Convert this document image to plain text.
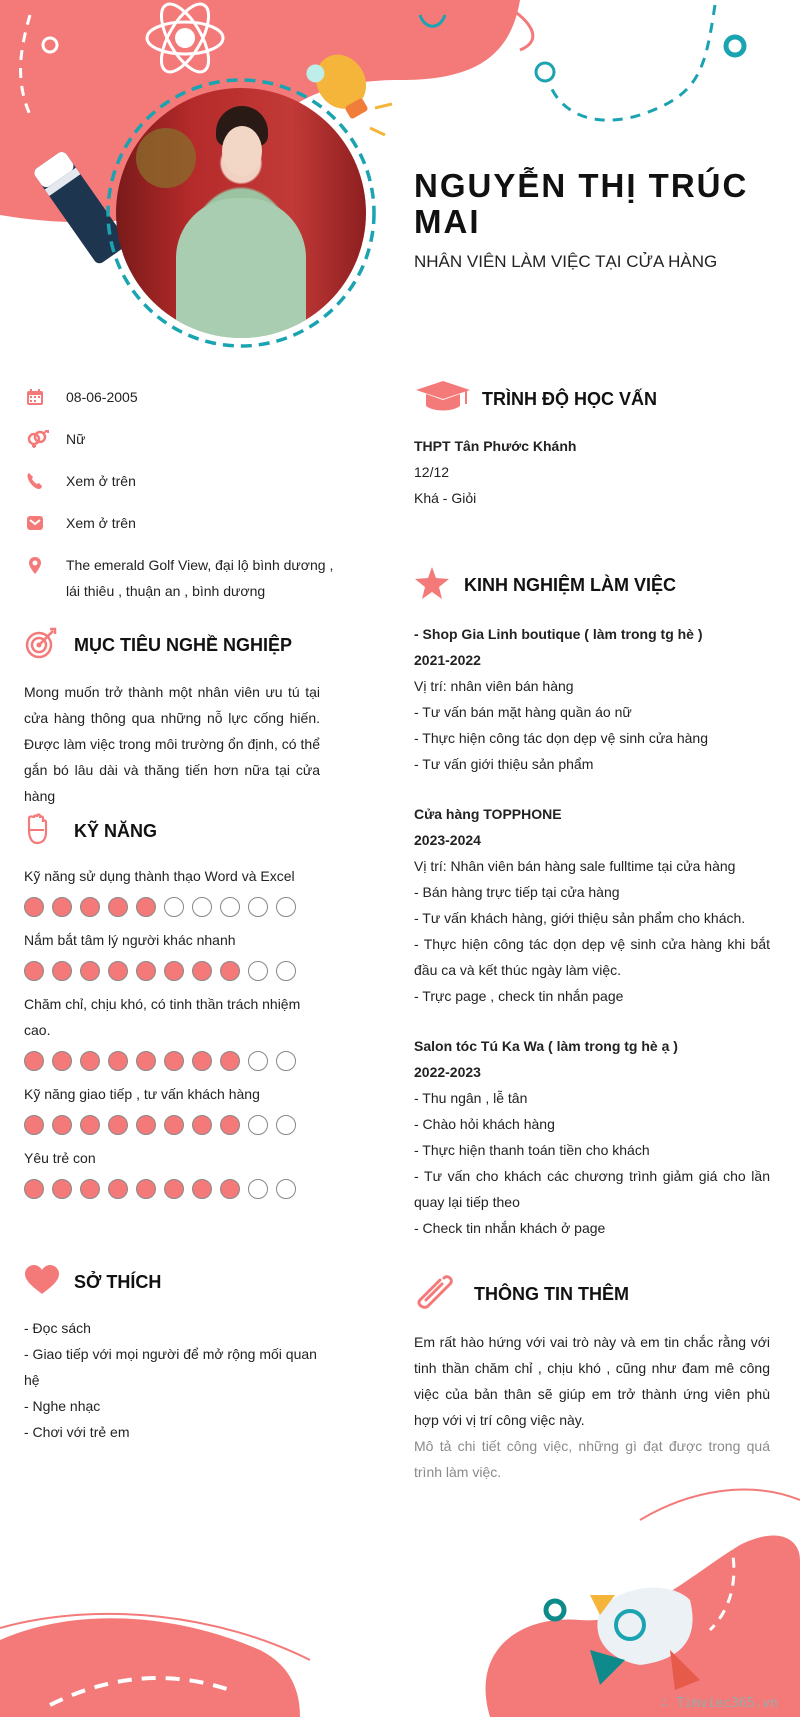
NGUYỄN THỊ TRÚC MAI
NHÂN VIÊN LÀM VIỆC TẠI CỬA HÀNG
08-06-2005
Nữ
Xem ở trên
Xem ở trên
The emerald Golf View, đại lộ bình dương , lái thiêu , thuận an , bình dương
MỤC TIÊU NGHỀ NGHIỆP
Mong muốn trở thành một nhân viên ưu tú tại cửa hàng thông qua những nỗ lực cống hiến. Được làm việc trong môi trường ổn định, có thể gắn bó lâu dài và thăng tiến hơn nữa tại cửa hàng
KỸ NĂNG
Kỹ năng sử dụng thành thạo Word và Excel
Nắm bắt tâm lý người khác nhanh
Chăm chỉ, chịu khó, có tinh thần trách nhiệm cao.
Kỹ năng giao tiếp , tư vấn khách hàng
Yêu trẻ con
SỞ THÍCH
- Đọc sách
- Giao tiếp với mọi người để mở rộng mối quan hệ
- Nghe nhạc
- Chơi với trẻ em
TRÌNH ĐỘ HỌC VẤN
THPT Tân Phước Khánh
12/12
Khá - Giỏi
KINH NGHIỆM LÀM VIỆC
- Shop Gia Linh boutique ( làm trong tg hè )
2021-2022
Vị trí: nhân viên bán hàng
- Tư vấn bán mặt hàng quần áo nữ
- Thực hiện công tác dọn dẹp vệ sinh cửa hàng
- Tư vấn giới thiệu sản phẩm
Cửa hàng TOPPHONE
2023-2024
Vị trí: Nhân viên bán hàng sale fulltime tại cửa hàng
- Bán hàng trực tiếp tại cửa hàng
- Tư vấn khách hàng, giới thiệu sản phẩm cho khách.
- Thực hiện công tác dọn dẹp vệ sinh cửa hàng khi bắt đầu ca và kết thúc ngày làm việc.
- Trực page , check tin nhắn page
Salon tóc Tú Ka Wa ( làm trong tg hè ạ )
2022-2023
- Thu ngân , lễ tân
- Chào hỏi khách hàng
- Thực hiện thanh toán tiền cho khách
- Tư vấn cho khách các chương trình giảm giá cho lần quay lại tiếp theo
- Check tin nhắn khách ở page
THÔNG TIN THÊM
Em rất hào hứng với vai trò này và em tin chắc rằng với tinh thần chăm chỉ , chịu khó , cũng như đam mê công việc của bản thân sẽ giúp em trở thành ứng viên phù hợp với vị trí công việc này.
Mô tả chi tiết công việc, những gì đạt được trong quá trình làm việc.
∴ Timviec365.vn
